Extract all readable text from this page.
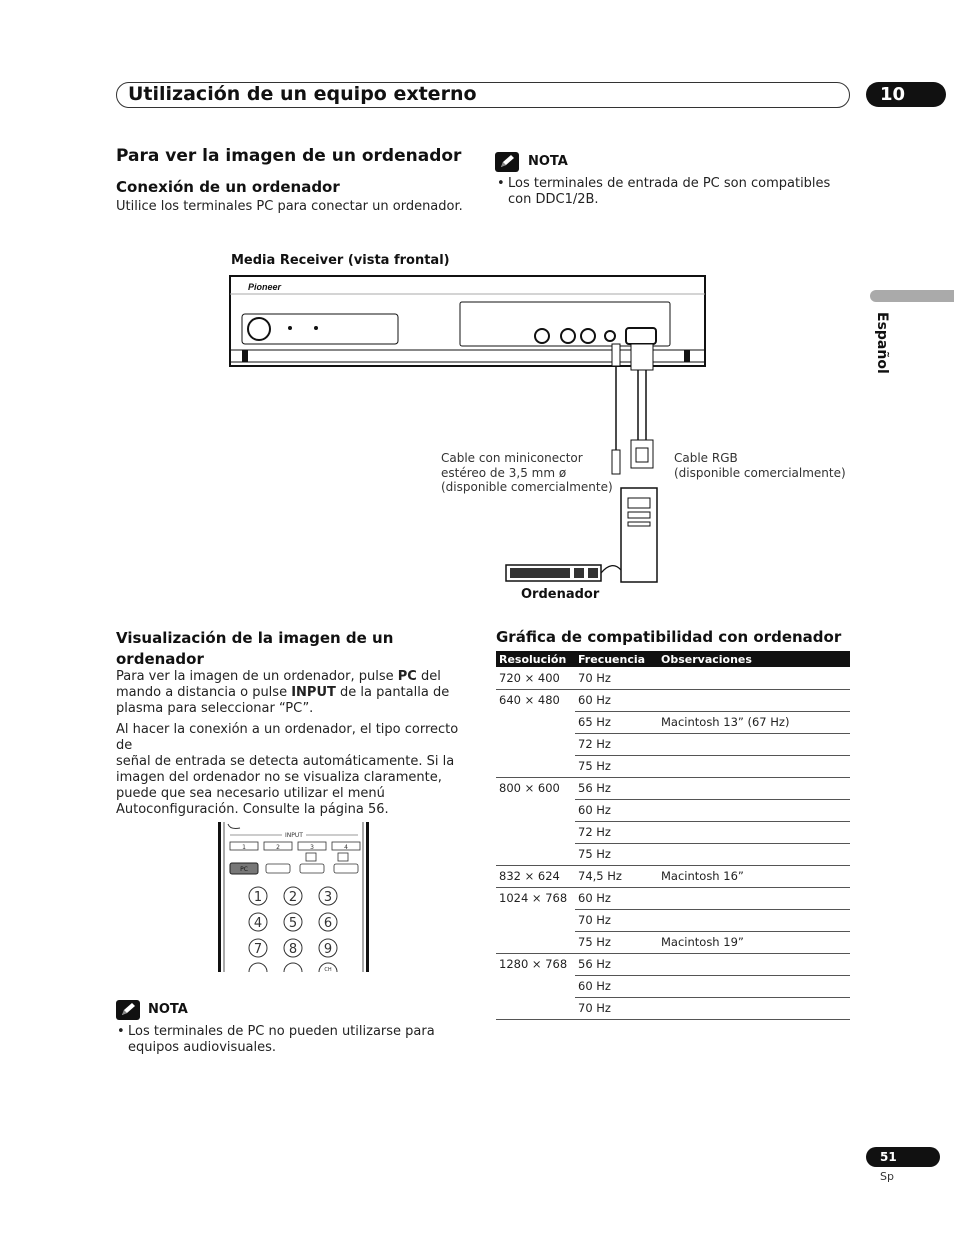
Utilización de un equipo externo	10
Español
Para ver la imagen de un ordenador
Conexión de un ordenador
Utilice los terminales PC para conectar un ordenador.
NOTA
• Los terminales de entrada de PC son compatibles
con DDC1/2B.
Media Receiver (vista frontal)
Pioneer
Cable con miniconector
estéreo de 3,5 mm ø
(disponible comercialmente)
Cable RGB
(disponible comercialmente)
Ordenador
Visualización de la imagen de un
ordenador
Para ver la imagen de un ordenador, pulse PC del
mando a distancia o pulse INPUT de la pantalla de
plasma para seleccionar “PC”.
Al hacer la conexión a un ordenador, el tipo correcto de
señal de entrada se detecta automáticamente. Si la
imagen del ordenador no se visualiza claramente,
puede que sea necesario utilizar el menú
Autoconfiguración. Consulte la página 56.
INPUT
1	2	3	4
PC
1 2 3
4 5 6
7 8 9
CH
NOTA
• Los terminales de PC no pueden utilizarse para
equipos audiovisuales.
Gráfica de compatibilidad con ordenador
Resolución	Frecuencia	Observaciones
720 × 400	70 Hz	
640 × 480	60 Hz	
	65 Hz	Macintosh 13” (67 Hz)
	72 Hz	
	75 Hz	
800 × 600	56 Hz	
	60 Hz	
	72 Hz	
	75 Hz	
832 × 624	74,5 Hz	Macintosh 16”
1024 × 768	60 Hz	
	70 Hz	
	75 Hz	Macintosh 19”
1280 × 768	56 Hz	
	60 Hz	
	70 Hz	
51
Sp
